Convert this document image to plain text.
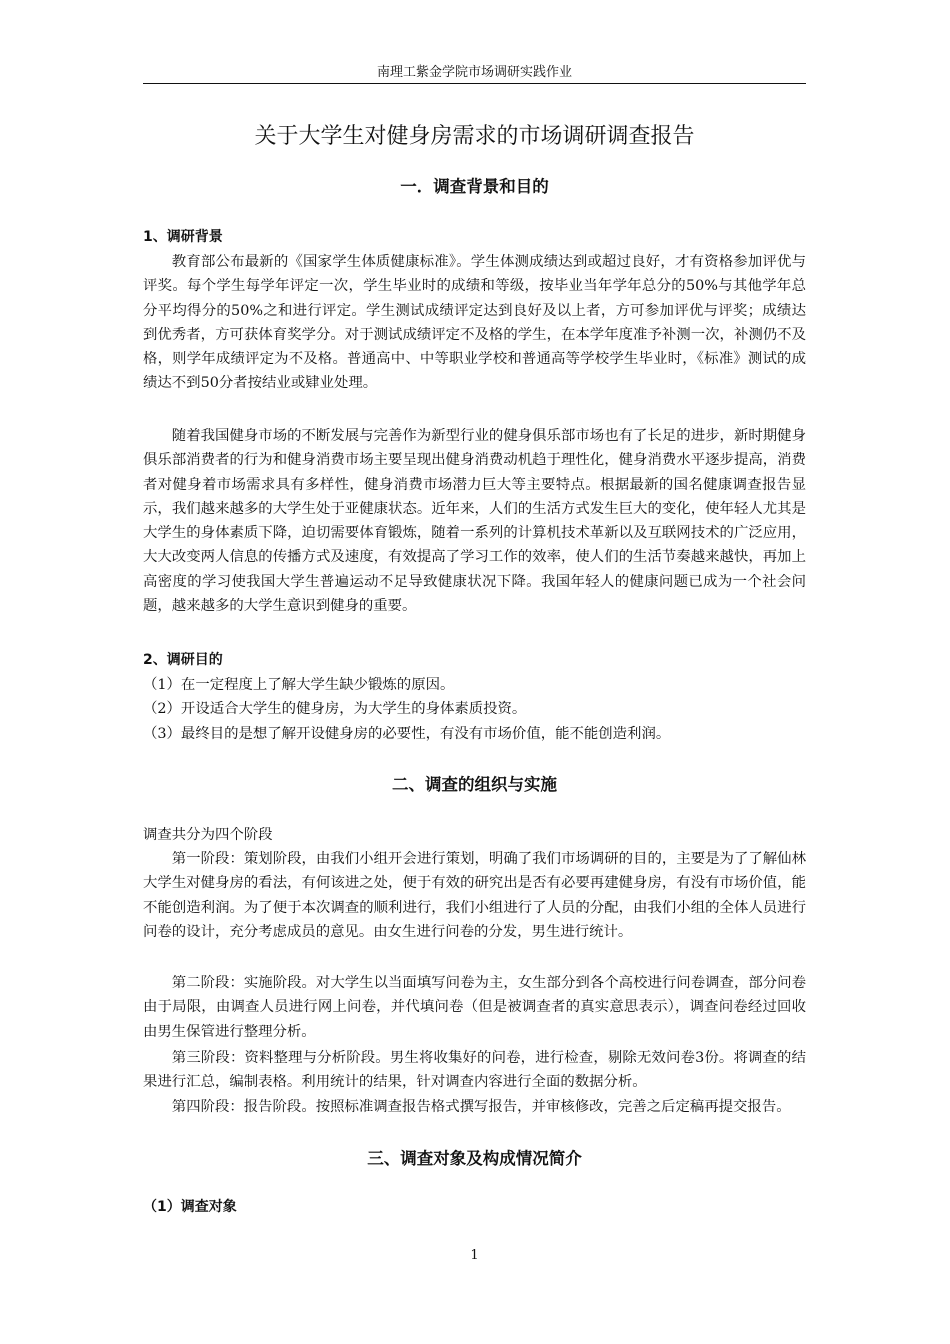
南理工紫金学院市场调研实践作业
关于大学生对健身房需求的市场调研调查报告
一．调查背景和目的
1、调研背景

教育部公布最新的《国家学生体质健康标准》。学生体测成绩达到或超过良好，才有资格参加评优与评奖。每个学生每学年评定一次，学生毕业时的成绩和等级，按毕业当年学年总分的50%与其他学年总分平均得分的50%之和进行评定。学生测试成绩评定达到良好及以上者，方可参加评优与评奖；成绩达到优秀者，方可获体育奖学分。对于测试成绩评定不及格的学生，在本学年度准予补测一次，补测仍不及格，则学年成绩评定为不及格。普通高中、中等职业学校和普通高等学校学生毕业时，《标准》测试的成绩达不到50分者按结业或肄业处理。

随着我国健身市场的不断发展与完善作为新型行业的健身俱乐部市场也有了长足的进步，新时期健身俱乐部消费者的行为和健身消费市场主要呈现出健身消费动机趋于理性化，健身消费水平逐步提高，消费者对健身着市场需求具有多样性，健身消费市场潜力巨大等主要特点。根据最新的国名健康调查报告显示，我们越来越多的大学生处于亚健康状态。近年来，人们的生活方式发生巨大的变化，使年轻人尤其是大学生的身体素质下降，迫切需要体育锻炼，随着一系列的计算机技术革新以及互联网技术的广泛应用，大大改变两人信息的传播方式及速度，有效提高了学习工作的效率，使人们的生活节奏越来越快，再加上高密度的学习使我国大学生普遍运动不足导致健康状况下降。我国年轻人的健康问题已成为一个社会问题，越来越多的大学生意识到健身的重要。

2、调研目的
（1）在一定程度上了解大学生缺少锻炼的原因。
（2）开设适合大学生的健身房，为大学生的身体素质投资。
（3）最终目的是想了解开设健身房的必要性，有没有市场价值，能不能创造利润。
二、调查的组织与实施
调查共分为四个阶段

第一阶段：策划阶段，由我们小组开会进行策划，明确了我们市场调研的目的，主要是为了了解仙林大学生对健身房的看法，有何该进之处，便于有效的研究出是否有必要再建健身房，有没有市场价值，能不能创造利润。为了便于本次调查的顺利进行，我们小组进行了人员的分配，由我们小组的全体人员进行问卷的设计，充分考虑成员的意见。由女生进行问卷的分发，男生进行统计。

第二阶段：实施阶段。对大学生以当面填写问卷为主，女生部分到各个高校进行问卷调查，部分问卷由于局限，由调查人员进行网上问卷，并代填问卷（但是被调查者的真实意思表示），调查问卷经过回收由男生保管进行整理分析。

第三阶段：资料整理与分析阶段。男生将收集好的问卷，进行检查，剔除无效问卷3份。将调查的结果进行汇总，编制表格。利用统计的结果，针对调查内容进行全面的数据分析。

第四阶段：报告阶段。按照标准调查报告格式撰写报告，并审核修改，完善之后定稿再提交报告。

三、调查对象及构成情况简介
（1）调查对象
1
